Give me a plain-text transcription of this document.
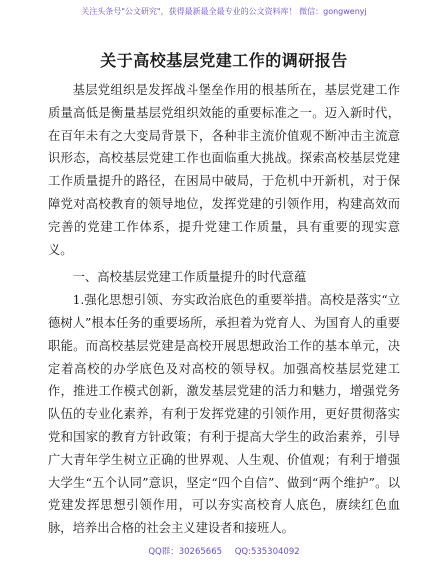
关注头条号"公文研究"，获得最新最全最专业的公文资料库！ 微信：gongwenyj
关于高校基层党建工作的调研报告

基层党组织是发挥战斗堡垒作用的根基所在，基层党建工作质量高低是衡量基层党组织效能的重要标准之一。迈入新时代，在百年未有之大变局背景下，各种非主流价值观不断冲击主流意识形态，高校基层党建工作也面临重大挑战。探索高校基层党建工作质量提升的路径，在困局中破局，于危机中开新机，对于保障党对高校教育的领导地位，发挥党建的引领作用，构建高效而完善的党建工作体系，提升党建工作质量，具有重要的现实意义。

一、高校基层党建工作质量提升的时代意蕴

1.强化思想引领、夯实政治底色的重要举措。高校是落实“立德树人”根本任务的重要场所，承担着为党育人、为国育人的重要职能。而高校基层党建是高校开展思想政治工作的基本单元，决定着高校的办学底色及对高校的领导权。加强高校基层党建工作，推进工作模式创新，激发基层党建的活力和魅力，增强党务队伍的专业化素养，有利于发挥党建的引领作用，更好贯彻落实党和国家的教育方针政策；有利于提高大学生的政治素养，引导广大青年学生树立正确的世界观、人生观、价值观；有利于增强大学生“五个认同”意识，坚定“四个自信”、做到“两个维护”。以党建发挥思想引领作用，可以夯实高校育人底色，赓续红色血脉，培养出合格的社会主义建设者和接班人。

QQ群：30265665 QQ:535304092
